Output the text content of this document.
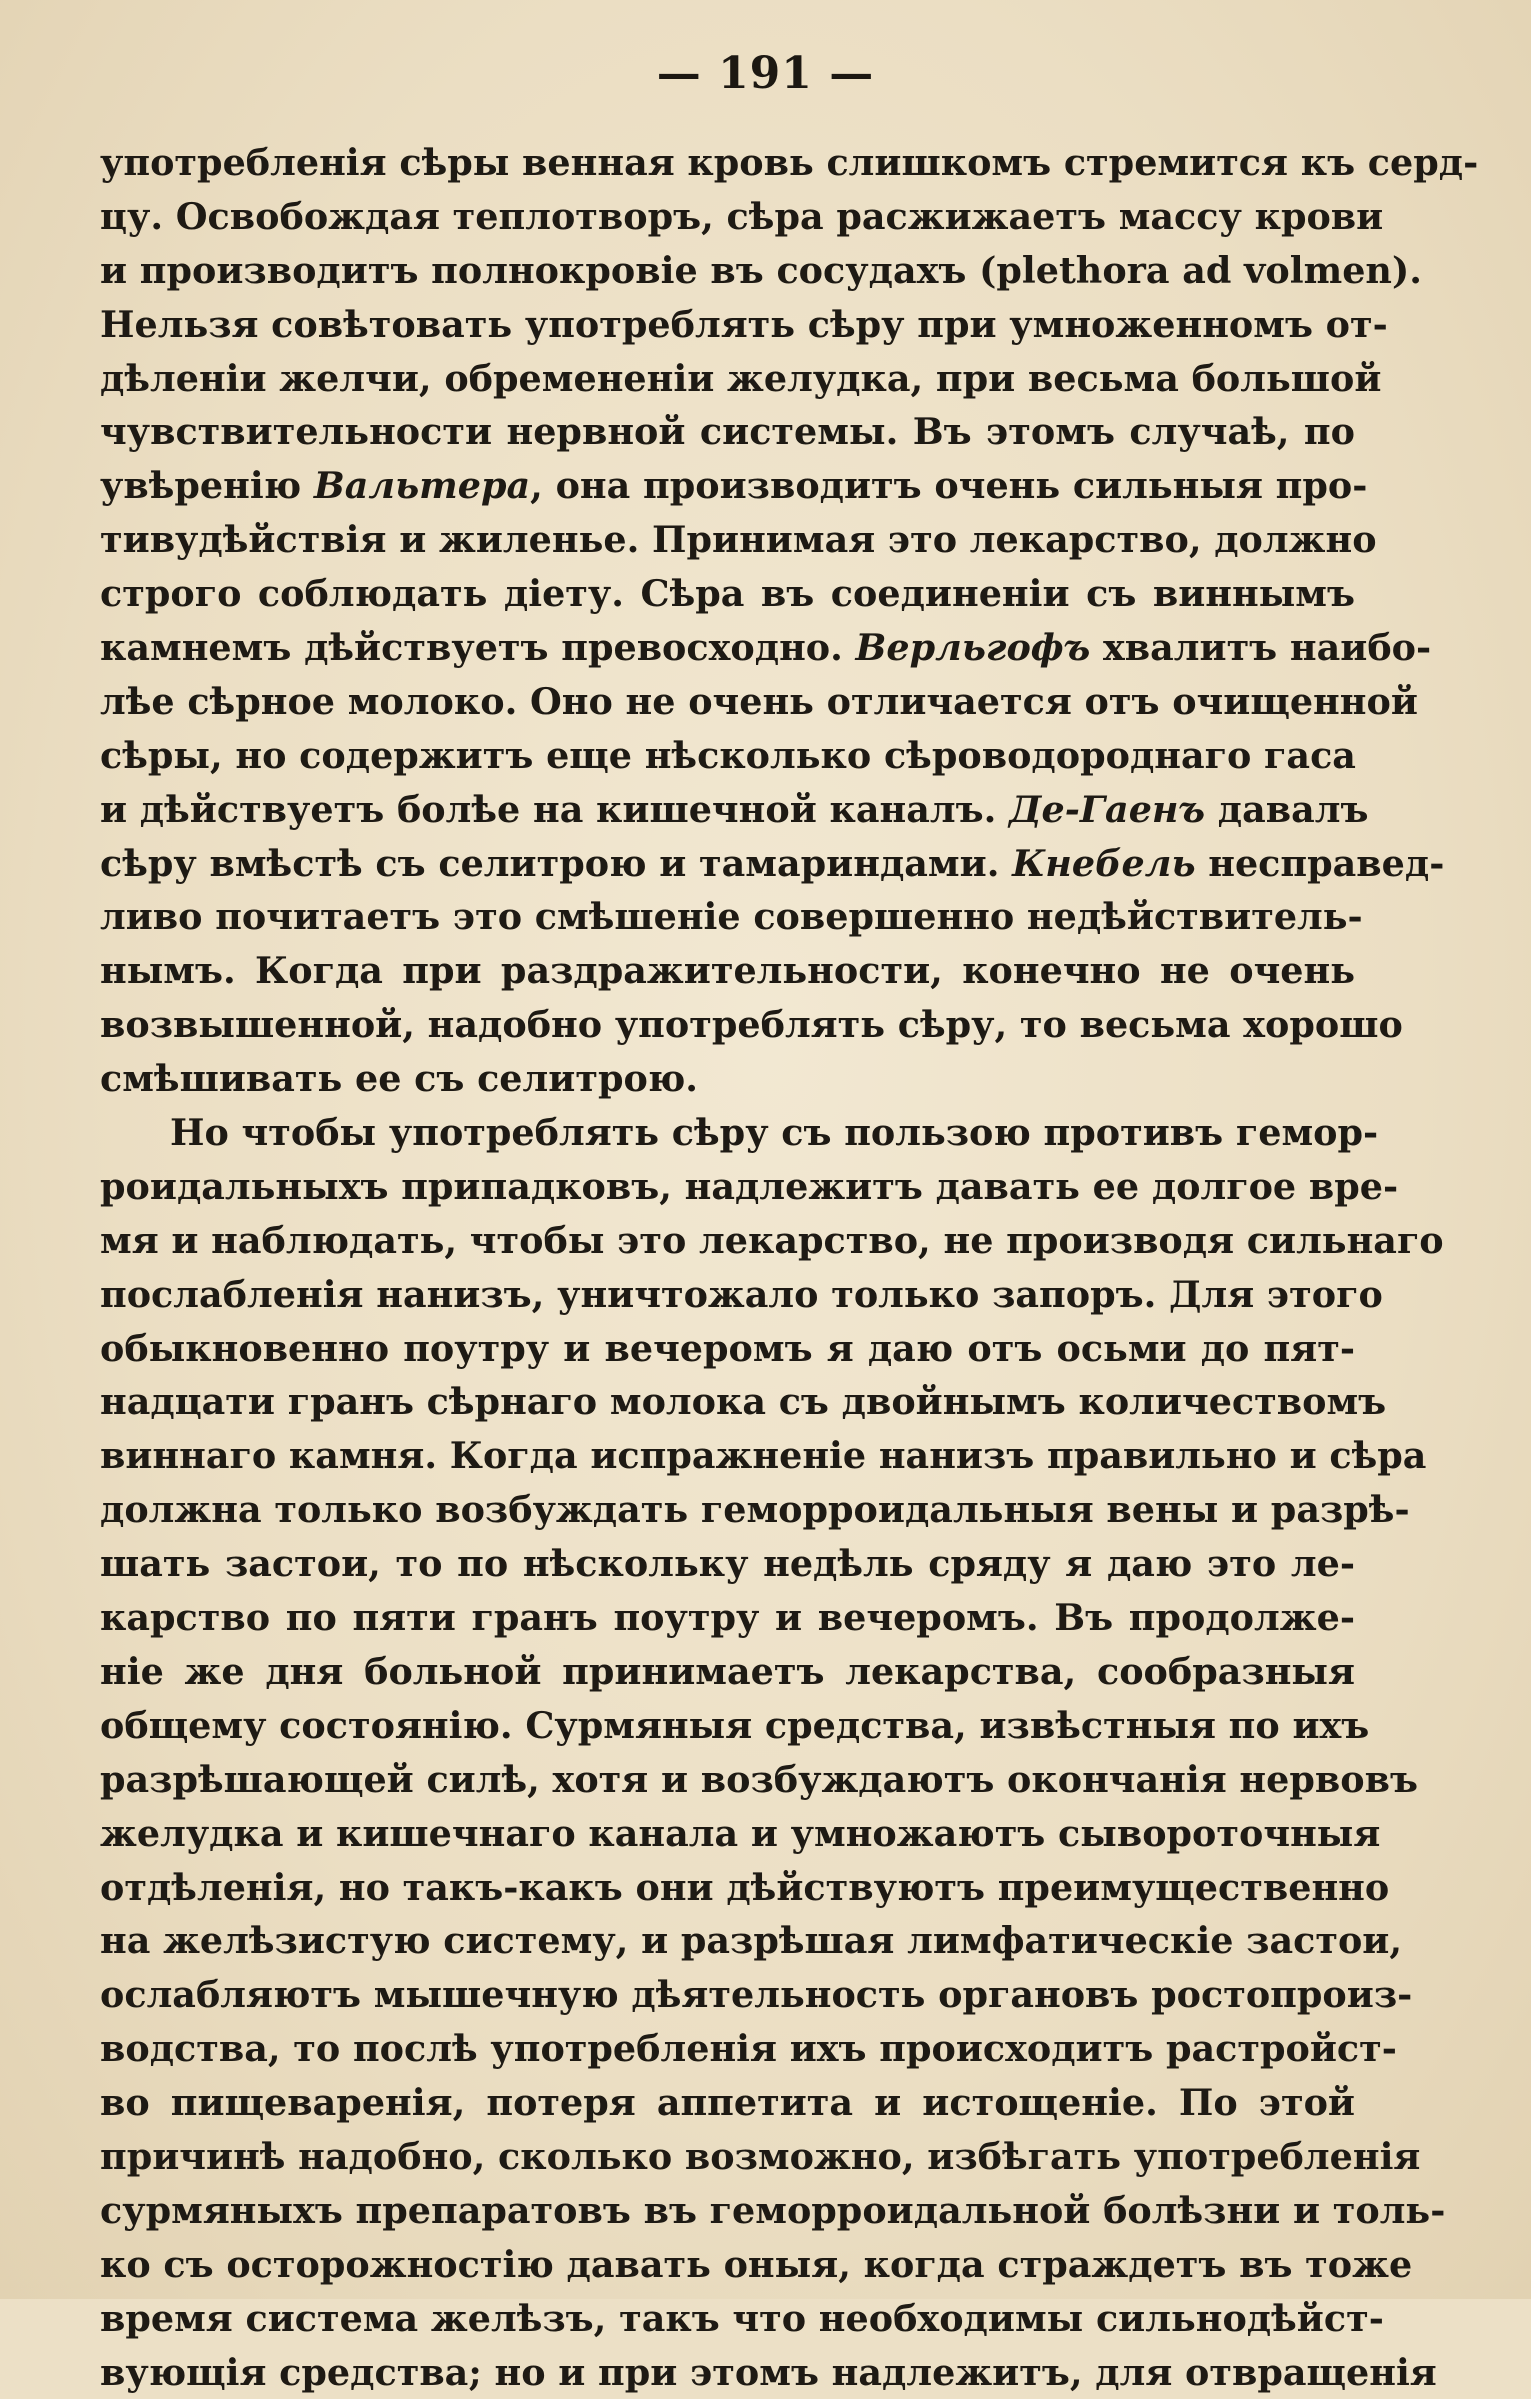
— 191 —
употребленія сѣры венная кровь слишкомъ стремится къ серд-
цу. Освобождая теплотворъ, сѣра расжижаетъ массу крови
и производитъ полнокровіе въ сосудахъ (plethora ad volmen).
Нельзя совѣтовать употреблять сѣру при умноженномъ от-
дѣленіи желчи, обремененіи желудка, при весьма большой
чувствительности нервной системы. Въ этомъ случаѣ, по
увѣренію Вальтера, она производитъ очень сильныя про-
тивудѣйствія и жиленье. Принимая это лекарство, должно
строго соблюдать діету. Сѣра въ соединеніи съ виннымъ
камнемъ дѣйствуетъ превосходно. Верльгофъ хвалитъ наибо-
лѣе сѣрное молоко. Оно не очень отличается отъ очищенной
сѣры, но содержитъ еще нѣсколько сѣроводороднаго гаса
и дѣйствуетъ болѣе на кишечной каналъ. Де-Гаенъ давалъ
сѣру вмѣстѣ съ селитрою и тамариндами. Кнебель несправед-
ливо почитаетъ это смѣшеніе совершенно недѣйствитель-
нымъ. Когда при раздражительности, конечно не очень
возвышенной, надобно употреблять сѣру, то весьма хорошо
смѣшивать ее съ селитрою.
Но чтобы употреблять сѣру съ пользою противъ гемор-
роидальныхъ припадковъ, надлежитъ давать ее долгое вре-
мя и наблюдать, чтобы это лекарство, не производя сильнаго
послабленія нанизъ, уничтожало только запоръ. Для этого
обыкновенно поутру и вечеромъ я даю отъ осьми до пят-
надцати гранъ сѣрнаго молока съ двойнымъ количествомъ
виннаго камня. Когда испражненіе нанизъ правильно и сѣра
должна только возбуждать геморроидальныя вены и разрѣ-
шать застои, то по нѣскольку недѣль сряду я даю это ле-
карство по пяти гранъ поутру и вечеромъ. Въ продолже-
ніе же дня больной принимаетъ лекарства, сообразныя
общему состоянію. Сурмяныя средства, извѣстныя по ихъ
разрѣшающей силѣ, хотя и возбуждаютъ окончанія нервовъ
желудка и кишечнаго канала и умножаютъ сывороточныя
отдѣленія, но такъ-какъ они дѣйствуютъ преимущественно
на желѣзистую систему, и разрѣшая лимфатическіе застои,
ослабляютъ мышечную дѣятельность органовъ ростопроиз-
водства, то послѣ употребленія ихъ происходитъ растройст-
во пищеваренія, потеря аппетита и истощеніе. По этой
причинѣ надобно, сколько возможно, избѣгать употребленія
сурмяныхъ препаратовъ въ геморроидальной болѣзни и толь-
ко съ осторожностію давать оныя, когда страждетъ въ тоже
время система желѣзъ, такъ что необходимы сильнодѣйст-
вующія средства; но и при этомъ надлежитъ, для отвращенія
